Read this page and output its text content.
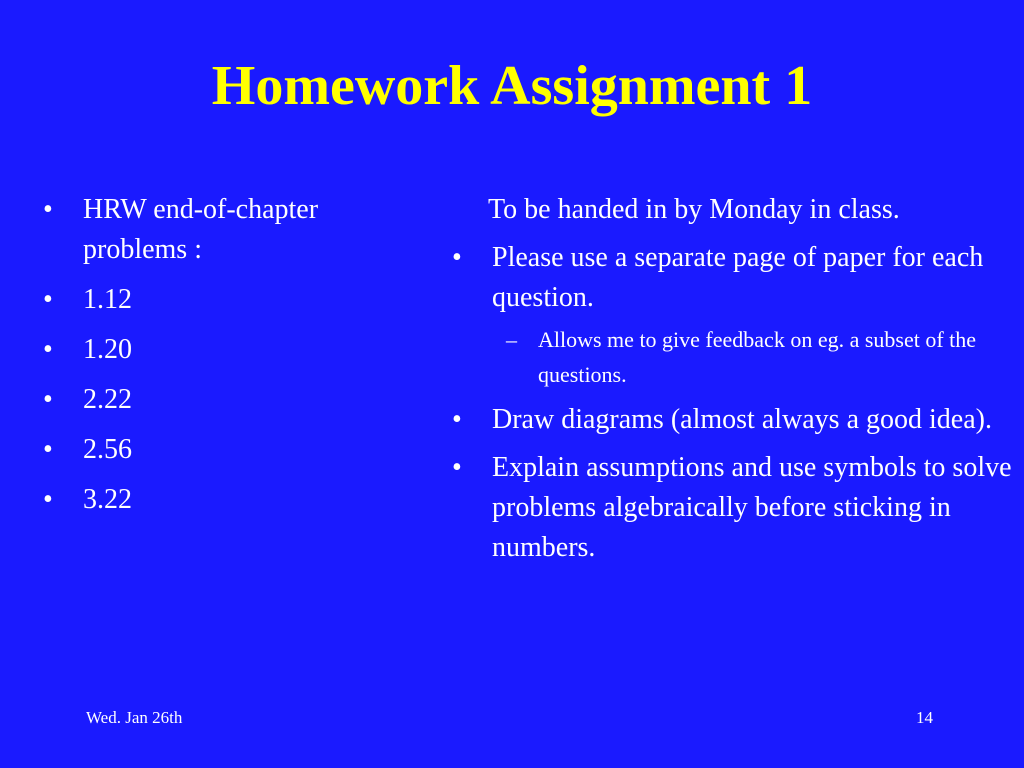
Homework Assignment 1
•	HRW end-of-chapter problems :
•	1.12
•	1.20
•	2.22
•	2.56
•	3.22
To be handed in by Monday in class.
•	Please use a separate page of paper for each question.
– Allows me to give feedback on eg. a subset of the questions.
•	Draw diagrams (almost always a good idea).
•	Explain assumptions and use symbols to solve problems algebraically before sticking in numbers.
Wed. Jan 26th	14
